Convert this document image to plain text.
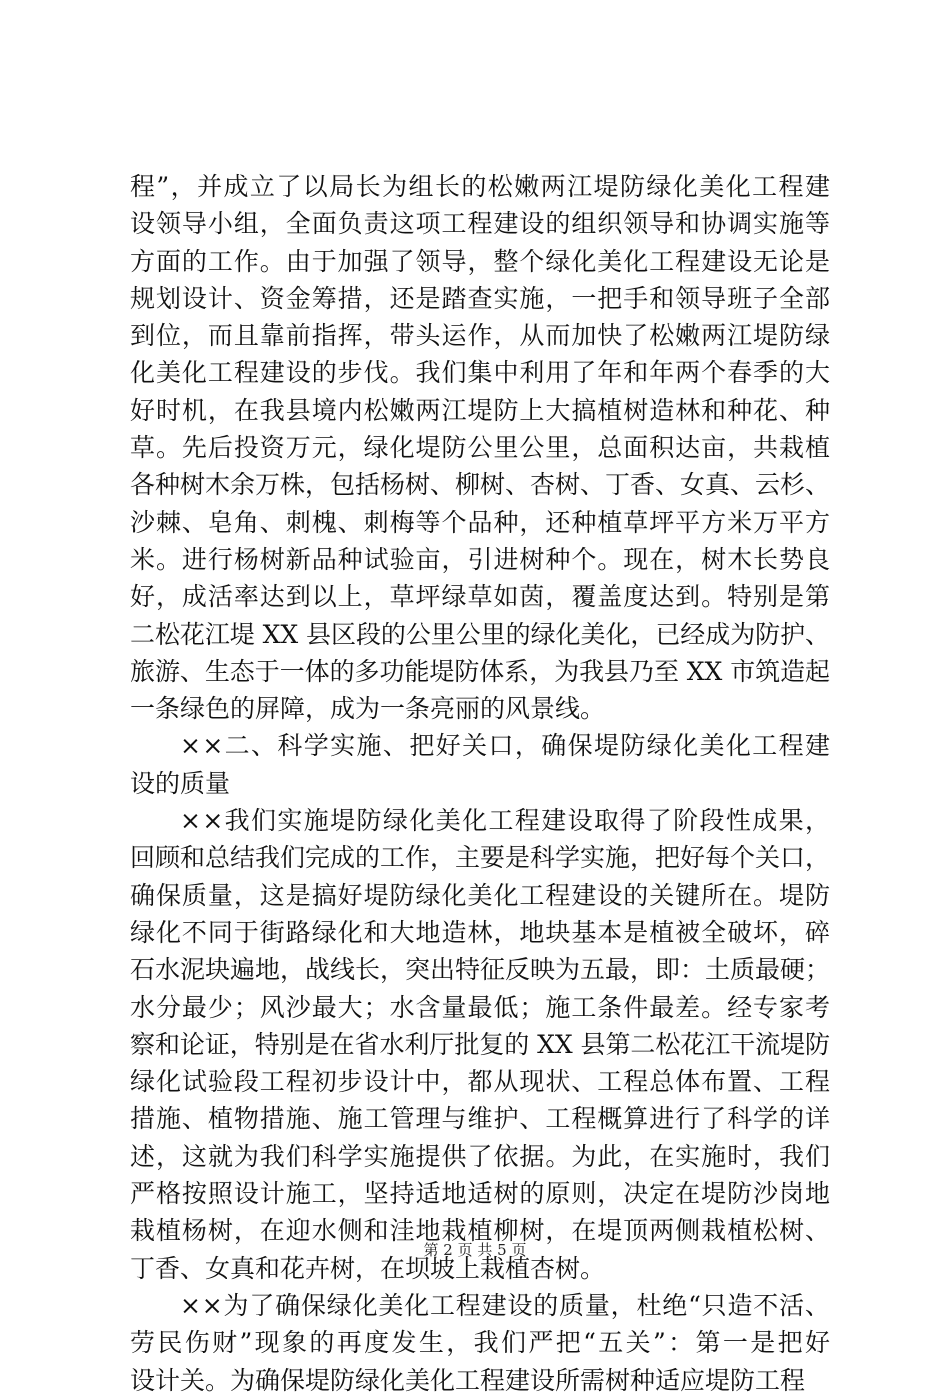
程”，并成立了以局长为组长的松嫩两江堤防绿化美化工程建
设领导小组，全面负责这项工程建设的组织领导和协调实施等
方面的工作。由于加强了领导，整个绿化美化工程建设无论是
规划设计、资金筹措，还是踏查实施，一把手和领导班子全部
到位，而且靠前指挥，带头运作，从而加快了松嫩两江堤防绿
化美化工程建设的步伐。我们集中利用了年和年两个春季的大
好时机，在我县境内松嫩两江堤防上大搞植树造林和种花、种
草。先后投资万元，绿化堤防公里公里，总面积达亩，共栽植
各种树木余万株，包括杨树、柳树、杏树、丁香、女真、云杉、
沙棘、皂角、刺槐、刺梅等个品种，还种植草坪平方米万平方
米。进行杨树新品种试验亩，引进树种个。现在，树木长势良
好，成活率达到以上，草坪绿草如茵，覆盖度达到。特别是第
二松花江堤 XX 县区段的公里公里的绿化美化，已经成为防护、
旅游、生态于一体的多功能堤防体系，为我县乃至 XX 市筑造起
一条绿色的屏障，成为一条亮丽的风景线。
××二、科学实施、把好关口，确保堤防绿化美化工程建
设的质量
××我们实施堤防绿化美化工程建设取得了阶段性成果，
回顾和总结我们完成的工作，主要是科学实施，把好每个关口，
确保质量，这是搞好堤防绿化美化工程建设的关键所在。堤防
绿化不同于街路绿化和大地造林，地块基本是植被全破坏，碎
石水泥块遍地，战线长，突出特征反映为五最，即：土质最硬；
水分最少；风沙最大；水含量最低；施工条件最差。经专家考
察和论证，特别是在省水利厅批复的 XX 县第二松花江干流堤防
绿化试验段工程初步设计中，都从现状、工程总体布置、工程
措施、植物措施、施工管理与维护、工程概算进行了科学的详
述，这就为我们科学实施提供了依据。为此，在实施时，我们
严格按照设计施工，坚持适地适树的原则，决定在堤防沙岗地
栽植杨树，在迎水侧和洼地栽植柳树，在堤顶两侧栽植松树、
丁香、女真和花卉树，在坝坡上栽植杏树。
××为了确保绿化美化工程建设的质量，杜绝“只造不活、
劳民伤财”现象的再度发生，我们严把“五关”：第一是把好
设计关。为确保堤防绿化美化工程建设所需树种适应堤防工程
第 2 页 共 5 页
